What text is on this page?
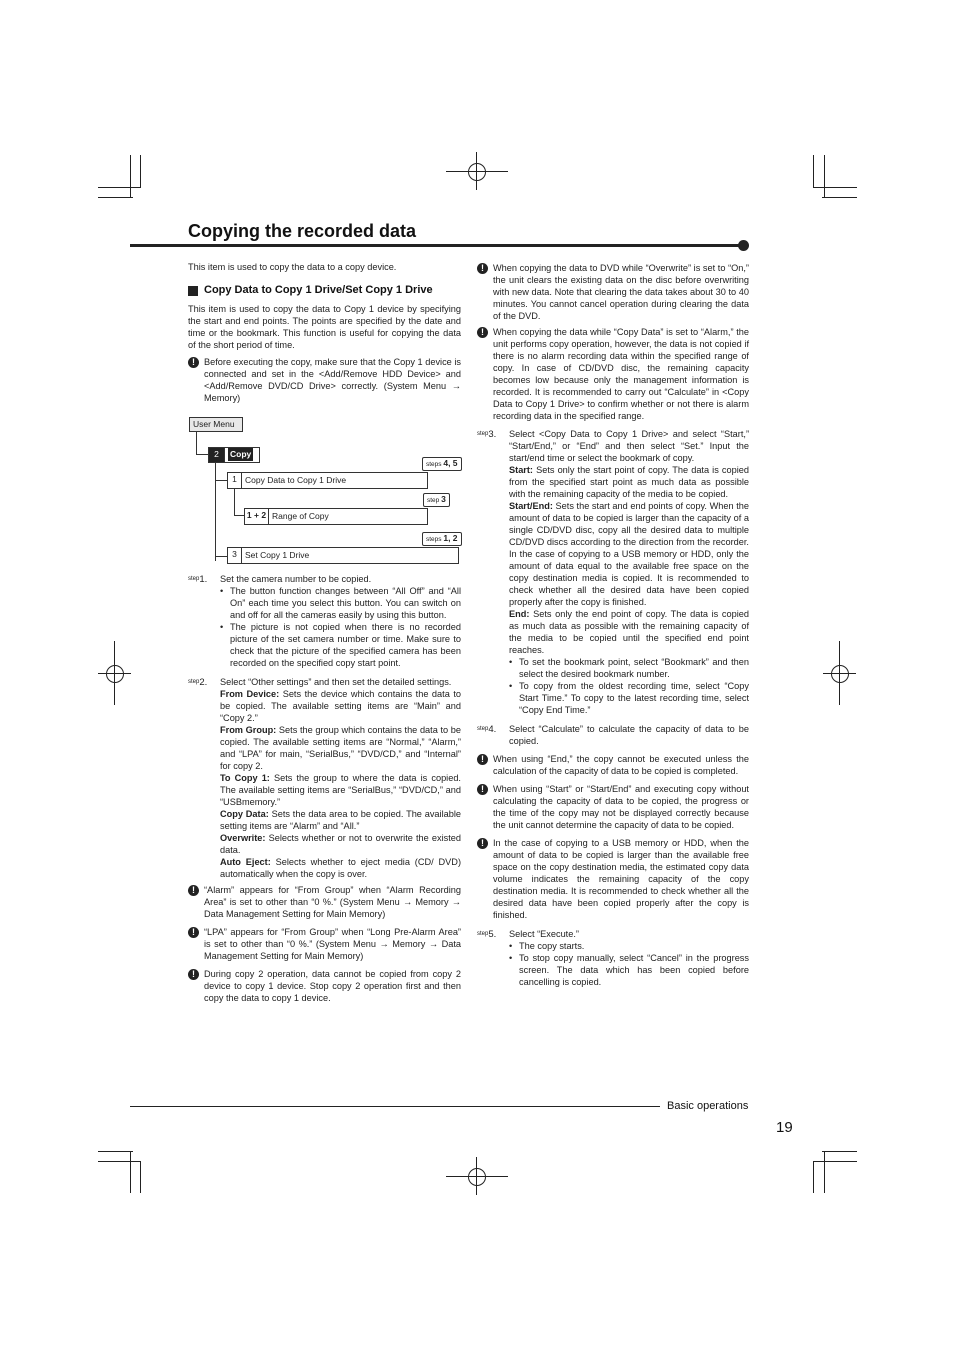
Copying the recorded data

This item is used to copy the data to a copy device.

Copy Data to Copy 1 Drive/Set Copy 1 Drive

This item is used to copy the data to Copy 1 device by specifying the start and end points. The points are specified by the date and time or the bookmark. This function is useful for copying the data of the short period of time.

! Before executing the copy, make sure that the Copy 1 device is connected and set in the <Add/Remove HDD Device> and <Add/Remove DVD/CD Drive> correctly. (System Menu → Memory)

User Menu
2	Copy
steps 4, 5
1 Copy Data to Copy 1 Drive
step 3
1 + 2 Range of Copy
steps 1, 2
3 Set Copy 1 Drive
$^{step}$1. Set the camera number to be copied.

• The button function changes between “All Off” and “All On” each time you select this button. You can switch on and off for all the cameras easily by using this button.
• The picture is not copied when there is no recorded picture of the set camera number or time. Make sure to check that the picture of the specified camera has been recorded on the specified copy start point.
$^{step}$2. Select “Other settings” and then set the detailed settings.

From Device: Sets the device which contains the data to be copied. The available setting items are “Main” and “Copy 2.”

From Group: Sets the group which contains the data to be copied. The available setting items are “Normal,” “Alarm,” and “LPA” for main, “SerialBus,” “DVD/CD,” and “Internal” for copy 2.

To Copy 1: Sets the group to where the data is copied. The available setting items are “SerialBus,” “DVD/CD,” and “USBmemory.”

Copy Data: Sets the data area to be copied. The available setting items are “Alarm” and “All.”

Overwrite: Selects whether or not to overwrite the existed data.

Auto Eject: Selects whether to eject media (CD/ DVD) automatically when the copy is over.

! “Alarm” appears for “From Group” when “Alarm Recording Area” is set to other than “0 %.” (System Menu → Memory → Data Management Setting for Main Memory)

! “LPA” appears for “From Group” when “Long Pre-Alarm Area” is set to other than “0 %.” (System Menu → Memory → Data Management Setting for Main Memory)

! During copy 2 operation, data cannot be copied from copy 2 device to copy 1 device. Stop copy 2 operation first and then copy the data to copy 1 device.

! When copying the data to DVD while “Overwrite” is set to “On,” the unit clears the existing data on the disc before overwriting with new data. Note that clearing the data takes about 30 to 40 minutes. You cannot cancel operation during clearing the data of the DVD.

! When copying the data while “Copy Data” is set to “Alarm,” the unit performs copy operation, however, the data is not copied if there is no alarm recording data within the specified range of copy. In case of CD/DVD disc, the remaining capacity becomes low because only the management information is recorded. It is recommended to carry out “Calculate” in <Copy Data to Copy 1 Drive> to confirm whether or not there is alarm recording data in the specified range.

$^{step}$3. Select <Copy Data to Copy 1 Drive> and select “Start,” “Start/End,” or “End” and then select “Set.” Input the start/end time or select the bookmark of copy.

Start: Sets only the start point of copy. The data is copied from the specified start point as much data as possible with the remaining capacity of the media to be copied.

Start/End: Sets the start and end points of copy. When the amount of data to be copied is larger than the capacity of a single CD/DVD disc, copy all the desired data to multiple CD/DVD discs according to the direction from the recorder. In the case of copying to a USB memory or HDD, only the amount of data equal to the available free space on the copy destination media is copied. It is recommended to check whether all the desired data have been copied properly after the copy is finished.

End: Sets only the end point of copy. The data is copied as much data as possible with the remaining capacity of the media to be copied until the specified end point reaches.

• To set the bookmark point, select “Bookmark” and then select the desired bookmark number.
• To copy from the oldest recording time, select “Copy Start Time.” To copy to the latest recording time, select “Copy End Time.”
$^{step}$4. Select “Calculate” to calculate the capacity of data to be copied.

! When using “End,” the copy cannot be executed unless the calculation of the capacity of data to be copied is completed.

! When using “Start” or “Start/End” and executing copy without calculating the capacity of data to be copied, the progress or the time of the copy may not be displayed correctly because the unit cannot determine the capacity of data to be copied.

! In the case of copying to a USB memory or HDD, when the amount of data to be copied is larger than the available free space on the copy destination media, the estimated copy data volume indicates the remaining capacity of the copy destination media. It is recommended to check whether all the desired data have been copied properly after the copy is finished.

$^{step}$5. Select “Execute.”

• The copy starts.
• To stop copy manually, select “Cancel” in the progress screen. The data which has been copied before cancelling is copied.
Basic operations
19
